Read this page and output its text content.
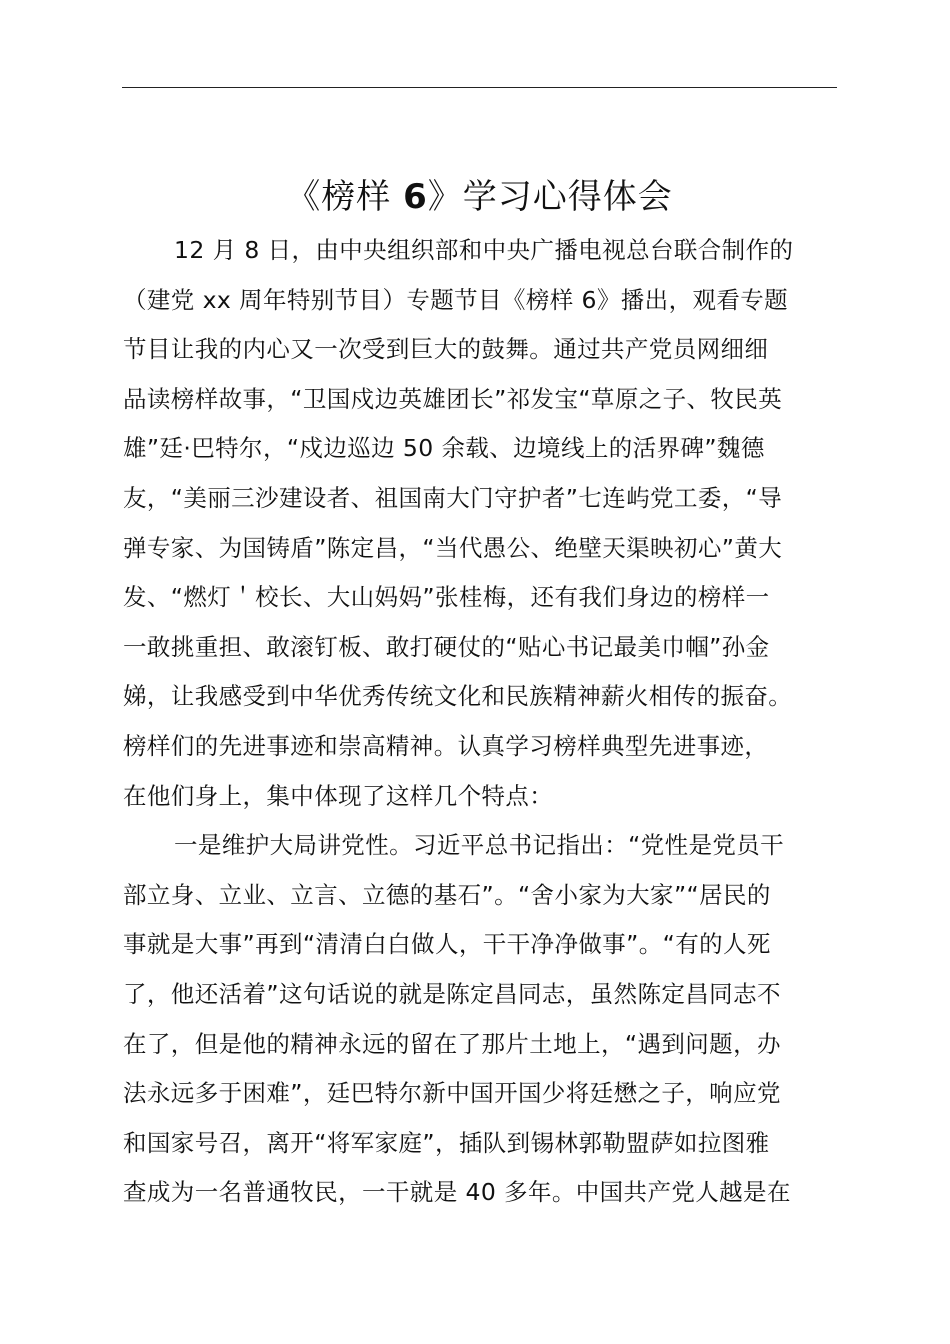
《榜样 6》学习心得体会
12 月 8 日，由中央组织部和中央广播电视总台联合制作的
（建党 xx 周年特别节目）专题节目《榜样 6》播出，观看专题
节目让我的内心又一次受到巨大的鼓舞。通过共产党员网细细
品读榜样故事，“卫国戍边英雄团长”祁发宝“草原之子、牧民英
雄”廷·巴特尔，“戍边巡边 50 余载、边境线上的活界碑”魏德
友，“美丽三沙建设者、祖国南大门守护者”七连屿党工委，“导
弹专家、为国铸盾”陈定昌，“当代愚公、绝壁天渠映初心”黄大
发、“燃灯＇校长、大山妈妈”张桂梅，还有我们身边的榜样一
一敢挑重担、敢滚钉板、敢打硬仗的“贴心书记最美巾帼”孙金
娣，让我感受到中华优秀传统文化和民族精神薪火相传的振奋。
榜样们的先进事迹和崇高精神。认真学习榜样典型先进事迹，
在他们身上，集中体现了这样几个特点：
一是维护大局讲党性。习近平总书记指出：“党性是党员干
部立身、立业、立言、立德的基石”。“舍小家为大家”“居民的
事就是大事”再到“清清白白做人，干干净净做事”。“有的人死
了，他还活着”这句话说的就是陈定昌同志，虽然陈定昌同志不
在了，但是他的精神永远的留在了那片土地上，“遇到问题，办
法永远多于困难”，廷巴特尔新中国开国少将廷懋之子，响应党
和国家号召，离开“将军家庭”，插队到锡林郭勒盟萨如拉图雅
查成为一名普通牧民，一干就是 40 多年。中国共产党人越是在
